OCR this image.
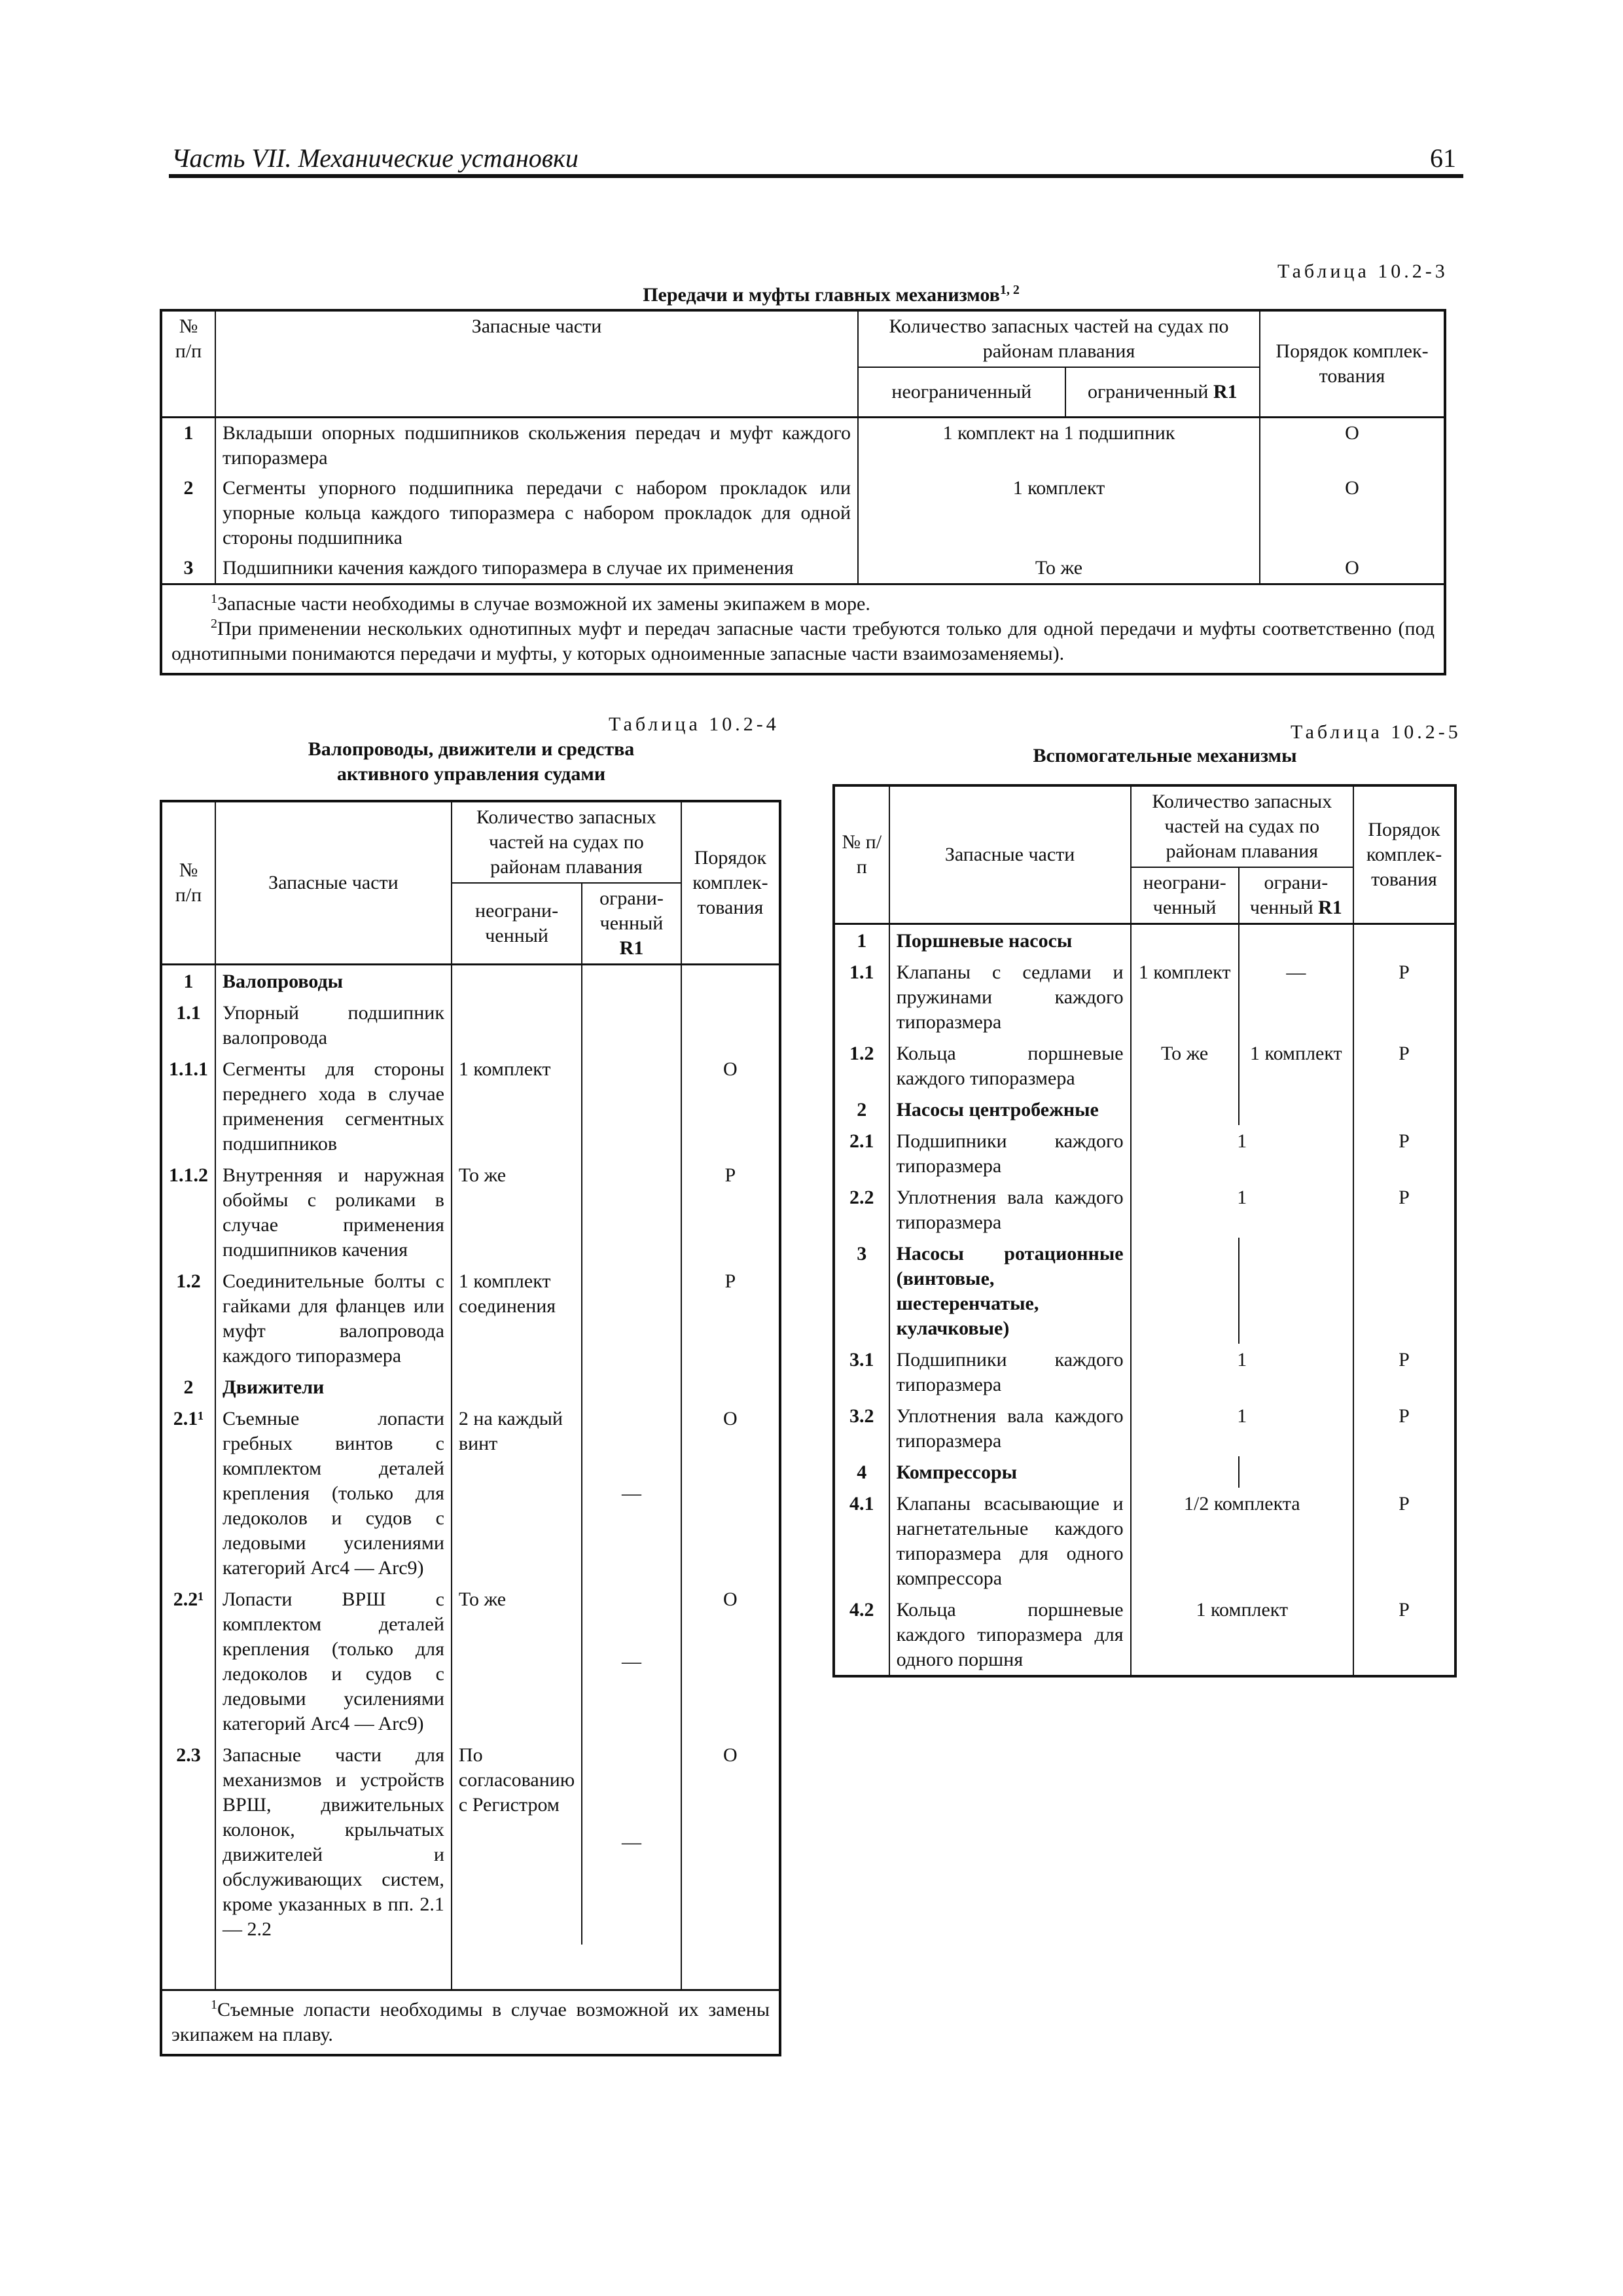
Часть VII. Механические установки	61
Таблица 10.2-3
Передачи и муфты главных механизмов$^{1, 2}$
№ п/п	Запасные части	Количество запасных частей на судах по районам плавания		Порядок комплек-тования
		неограниченный	ограниченный R1	
1	Вкладыши опорных подшипников скольжения передач и муфт каждого типоразмера	1 комплект на 1 подшипник		O
2	Сегменты упорного подшипника передачи с набором прокладок или упорные кольца каждого типоразмера с набором прокладок для одной стороны подшипника	1 комплект		O
3	Подшипники качения каждого типоразмера в случае их применения	То же		O

$^1$Запасные части необходимы в случае возможной их замены экипажем в море.
$^2$При применении нескольких однотипных муфт и передач запасные части требуются только для одной передачи и муфты соответственно (под однотипными понимаются передачи и муфты, у которых одноименные запасные части взаимозаменяемы).				
Таблица 10.2-4
Валопроводы, движители и средства активного управления судами
№ п/п	Запасные части	Количество запасных частей на судах по районам плавания		Порядок комплек-тования
		неограни-ченный	ограни-ченный R1	
1	Валопроводы			
1.1	Упорный подшипник валопровода			
1.1.1	Сегменты для стороны переднего хода в случае применения сегментных подшипников	1 комплект		O
1.1.2	Внутренняя и наружная обоймы с роликами в случае применения подшипников качения	То же		P
1.2	Соединительные болты с гайками для фланцев или муфт валопровода каждого типоразмера	1 комплект соединения		P
2	Движители			
2.1¹	Съемные лопасти гребных винтов с комплектом деталей крепления (только для ледоколов и судов с ледовыми усилениями категорий Arc4 — Arc9)	2 на каждый винт	—	O
2.2¹	Лопасти ВРШ с комплектом деталей крепления (только для ледоколов и судов с ледовыми усилениями категорий Arc4 — Arc9)	То же	—	O
2.3	Запасные части для механизмов и устройств ВРШ, движительных колонок, крыльчатых движителей и обслуживающих систем, кроме указанных в пп. 2.1 — 2.2	По согласованию с Регистром	—	O

$^1$Съемные лопасти необходимы в случае возможной их замены экипажем на плаву.				
Таблица 10.2-5
Вспомогательные механизмы
№ п/п	Запасные части	Количество запасных частей на судах по районам плавания		Порядок комплек-тования
		неограни-ченный	ограни-ченный R1	
1	Поршневые насосы			
1.1	Клапаны с седлами и пружинами каждого типоразмера	1 комплект	—	P
1.2	Кольца поршневые каждого типоразмера	То же	1 комплект	P
2	Насосы центробежные			
2.1	Подшипники каждого типоразмера	1		P
2.2	Уплотнения вала каждого типоразмера	1		P
3	Насосы ротационные (винтовые, шестеренчатые, кулачковые)			
3.1	Подшипники каждого типоразмера	1		P
3.2	Уплотнения вала каждого типоразмера	1		P
4	Компрессоры			
4.1	Клапаны всасывающие и нагнетательные каждого типоразмера для одного компрессора	1/2 комплекта		P
4.2	Кольца поршневые каждого типоразмера для одного поршня	1 комплект		P
